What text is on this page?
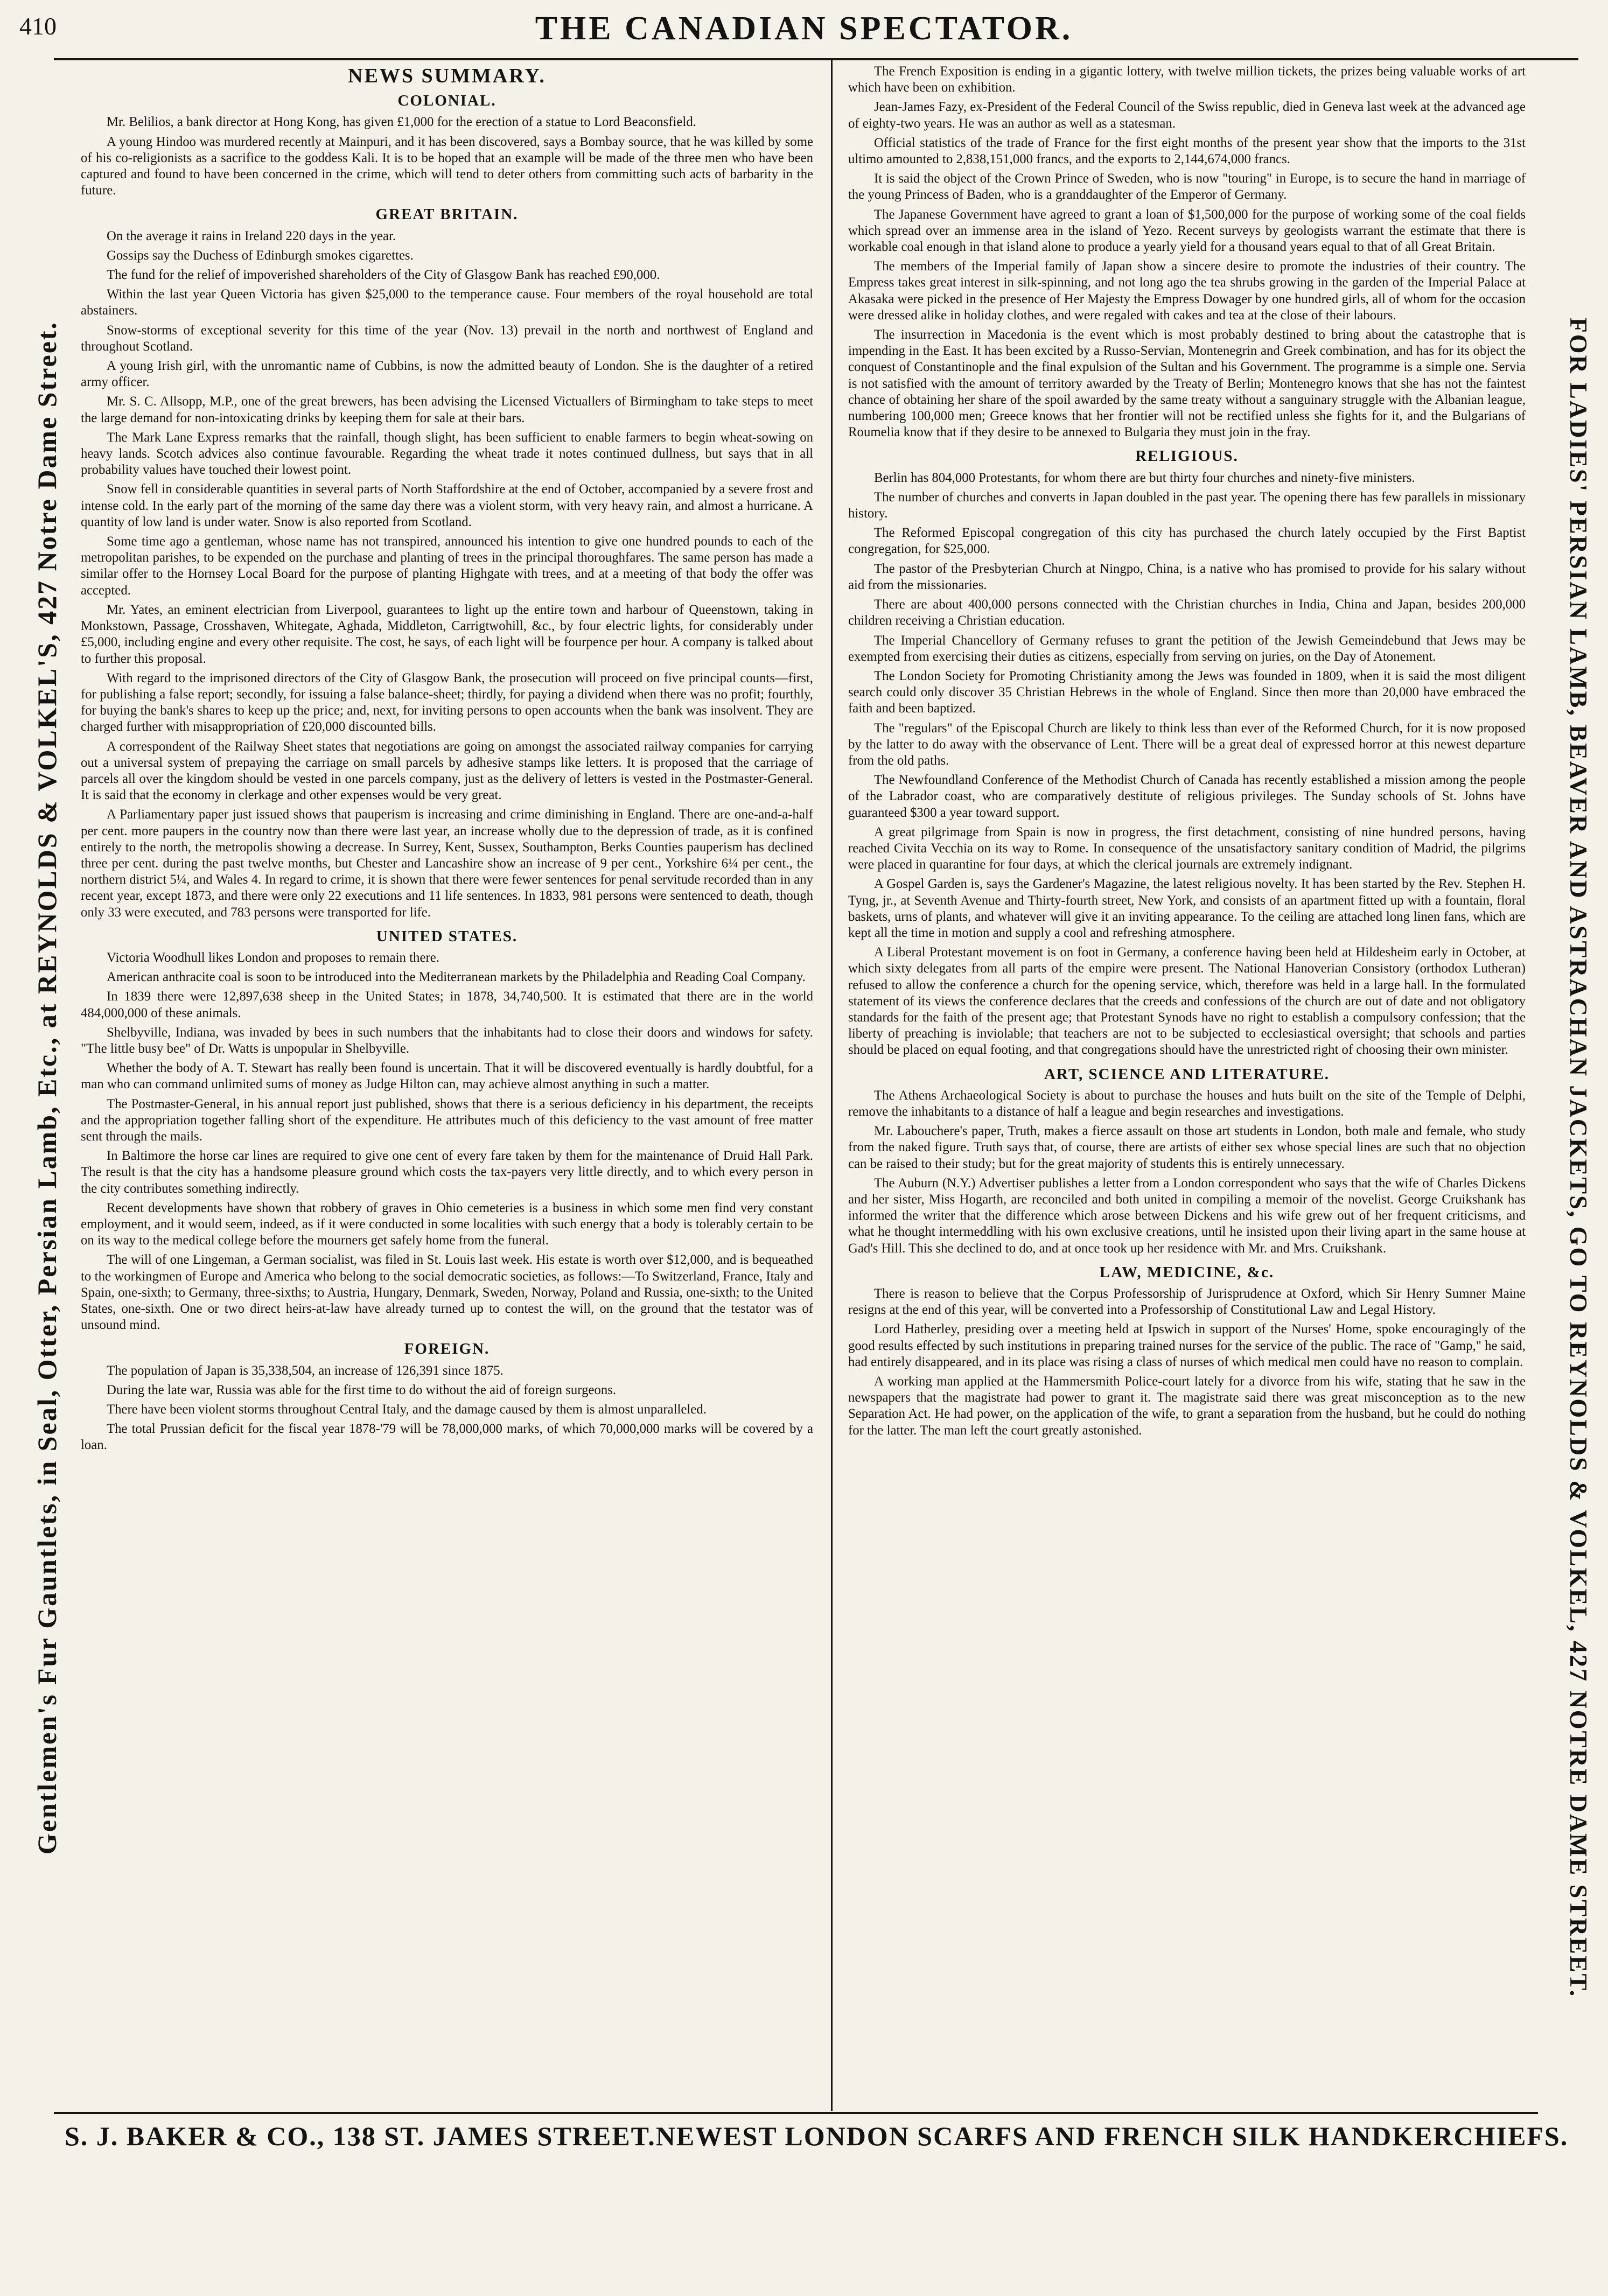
410	THE CANADIAN SPECTATOR.
Gentlemen's Fur Gauntlets, in Seal, Otter, Persian Lamb, Etc., at REYNOLDS & VOLKEL'S, 427 Notre Dame Street.	FOR LADIES' PERSIAN LAMB, BEAVER AND ASTRACHAN JACKETS, GO TO REYNOLDS & VOLKEL, 427 NOTRE DAME STREET.
NEWS SUMMARY.
COLONIAL.

Mr. Belilios, a bank director at Hong Kong, has given £1,000 for the erection of a statue to Lord Beaconsfield.

A young Hindoo was murdered recently at Mainpuri, and it has been discovered, says a Bombay source, that he was killed by some of his co-religionists as a sacrifice to the goddess Kali. It is to be hoped that an example will be made of the three men who have been captured and found to have been concerned in the crime, which will tend to deter others from committing such acts of barbarity in the future.

GREAT BRITAIN.

On the average it rains in Ireland 220 days in the year.

Gossips say the Duchess of Edinburgh smokes cigarettes.

The fund for the relief of impoverished shareholders of the City of Glasgow Bank has reached £90,000.

Within the last year Queen Victoria has given $25,000 to the temperance cause. Four members of the royal household are total abstainers.

Snow-storms of exceptional severity for this time of the year (Nov. 13) prevail in the north and northwest of England and throughout Scotland.

A young Irish girl, with the unromantic name of Cubbins, is now the admitted beauty of London. She is the daughter of a retired army officer.

Mr. S. C. Allsopp, M.P., one of the great brewers, has been advising the Licensed Victuallers of Birmingham to take steps to meet the large demand for non-intoxicating drinks by keeping them for sale at their bars.

The Mark Lane Express remarks that the rainfall, though slight, has been sufficient to enable farmers to begin wheat-sowing on heavy lands. Scotch advices also continue favourable. Regarding the wheat trade it notes continued dullness, but says that in all probability values have touched their lowest point.

Snow fell in considerable quantities in several parts of North Staffordshire at the end of October, accompanied by a severe frost and intense cold. In the early part of the morning of the same day there was a violent storm, with very heavy rain, and almost a hurricane. A quantity of low land is under water. Snow is also reported from Scotland.

Some time ago a gentleman, whose name has not transpired, announced his intention to give one hundred pounds to each of the metropolitan parishes, to be expended on the purchase and planting of trees in the principal thoroughfares. The same person has made a similar offer to the Hornsey Local Board for the purpose of planting Highgate with trees, and at a meeting of that body the offer was accepted.

Mr. Yates, an eminent electrician from Liverpool, guarantees to light up the entire town and harbour of Queenstown, taking in Monkstown, Passage, Crosshaven, Whitegate, Aghada, Middleton, Carrigtwohill, &c., by four electric lights, for considerably under £5,000, including engine and every other requisite. The cost, he says, of each light will be fourpence per hour. A company is talked about to further this proposal.

With regard to the imprisoned directors of the City of Glasgow Bank, the prosecution will proceed on five principal counts—first, for publishing a false report; secondly, for issuing a false balance-sheet; thirdly, for paying a dividend when there was no profit; fourthly, for buying the bank's shares to keep up the price; and, next, for inviting persons to open accounts when the bank was insolvent. They are charged further with misappropriation of £20,000 discounted bills.

A correspondent of the Railway Sheet states that negotiations are going on amongst the associated railway companies for carrying out a universal system of prepaying the carriage on small parcels by adhesive stamps like letters. It is proposed that the carriage of parcels all over the kingdom should be vested in one parcels company, just as the delivery of letters is vested in the Postmaster-General. It is said that the economy in clerkage and other expenses would be very great.

A Parliamentary paper just issued shows that pauperism is increasing and crime diminishing in England. There are one-and-a-half per cent. more paupers in the country now than there were last year, an increase wholly due to the depression of trade, as it is confined entirely to the north, the metropolis showing a decrease. In Surrey, Kent, Sussex, Southampton, Berks Counties pauperism has declined three per cent. during the past twelve months, but Chester and Lancashire show an increase of 9 per cent., Yorkshire 6¼ per cent., the northern district 5¼, and Wales 4. In regard to crime, it is shown that there were fewer sentences for penal servitude recorded than in any recent year, except 1873, and there were only 22 executions and 11 life sentences. In 1833, 981 persons were sentenced to death, though only 33 were executed, and 783 persons were transported for life.

UNITED STATES.

Victoria Woodhull likes London and proposes to remain there.

American anthracite coal is soon to be introduced into the Mediterranean markets by the Philadelphia and Reading Coal Company.

In 1839 there were 12,897,638 sheep in the United States; in 1878, 34,740,500. It is estimated that there are in the world 484,000,000 of these animals.

Shelbyville, Indiana, was invaded by bees in such numbers that the inhabitants had to close their doors and windows for safety. "The little busy bee" of Dr. Watts is unpopular in Shelbyville.

Whether the body of A. T. Stewart has really been found is uncertain. That it will be discovered eventually is hardly doubtful, for a man who can command unlimited sums of money as Judge Hilton can, may achieve almost anything in such a matter.

The Postmaster-General, in his annual report just published, shows that there is a serious deficiency in his department, the receipts and the appropriation together falling short of the expenditure. He attributes much of this deficiency to the vast amount of free matter sent through the mails.

In Baltimore the horse car lines are required to give one cent of every fare taken by them for the maintenance of Druid Hall Park. The result is that the city has a handsome pleasure ground which costs the tax-payers very little directly, and to which every person in the city contributes something indirectly.

Recent developments have shown that robbery of graves in Ohio cemeteries is a business in which some men find very constant employment, and it would seem, indeed, as if it were conducted in some localities with such energy that a body is tolerably certain to be on its way to the medical college before the mourners get safely home from the funeral.

The will of one Lingeman, a German socialist, was filed in St. Louis last week. His estate is worth over $12,000, and is bequeathed to the workingmen of Europe and America who belong to the social democratic societies, as follows:—To Switzerland, France, Italy and Spain, one-sixth; to Germany, three-sixths; to Austria, Hungary, Denmark, Sweden, Norway, Poland and Russia, one-sixth; to the United States, one-sixth. One or two direct heirs-at-law have already turned up to contest the will, on the ground that the testator was of unsound mind.

FOREIGN.

The population of Japan is 35,338,504, an increase of 126,391 since 1875.

During the late war, Russia was able for the first time to do without the aid of foreign surgeons.

There have been violent storms throughout Central Italy, and the damage caused by them is almost unparalleled.

The total Prussian deficit for the fiscal year 1878-'79 will be 78,000,000 marks, of which 70,000,000 marks will be covered by a loan.

The French Exposition is ending in a gigantic lottery, with twelve million tickets, the prizes being valuable works of art which have been on exhibition.

Jean-James Fazy, ex-President of the Federal Council of the Swiss republic, died in Geneva last week at the advanced age of eighty-two years. He was an author as well as a statesman.

Official statistics of the trade of France for the first eight months of the present year show that the imports to the 31st ultimo amounted to 2,838,151,000 francs, and the exports to 2,144,674,000 francs.

It is said the object of the Crown Prince of Sweden, who is now "touring" in Europe, is to secure the hand in marriage of the young Princess of Baden, who is a granddaughter of the Emperor of Germany.

The Japanese Government have agreed to grant a loan of $1,500,000 for the purpose of working some of the coal fields which spread over an immense area in the island of Yezo. Recent surveys by geologists warrant the estimate that there is workable coal enough in that island alone to produce a yearly yield for a thousand years equal to that of all Great Britain.

The members of the Imperial family of Japan show a sincere desire to promote the industries of their country. The Empress takes great interest in silk-spinning, and not long ago the tea shrubs growing in the garden of the Imperial Palace at Akasaka were picked in the presence of Her Majesty the Empress Dowager by one hundred girls, all of whom for the occasion were dressed alike in holiday clothes, and were regaled with cakes and tea at the close of their labours.

The insurrection in Macedonia is the event which is most probably destined to bring about the catastrophe that is impending in the East. It has been excited by a Russo-Servian, Montenegrin and Greek combination, and has for its object the conquest of Constantinople and the final expulsion of the Sultan and his Government. The programme is a simple one. Servia is not satisfied with the amount of territory awarded by the Treaty of Berlin; Montenegro knows that she has not the faintest chance of obtaining her share of the spoil awarded by the same treaty without a sanguinary struggle with the Albanian league, numbering 100,000 men; Greece knows that her frontier will not be rectified unless she fights for it, and the Bulgarians of Roumelia know that if they desire to be annexed to Bulgaria they must join in the fray.

RELIGIOUS.

Berlin has 804,000 Protestants, for whom there are but thirty four churches and ninety-five ministers.

The number of churches and converts in Japan doubled in the past year. The opening there has few parallels in missionary history.

The Reformed Episcopal congregation of this city has purchased the church lately occupied by the First Baptist congregation, for $25,000.

The pastor of the Presbyterian Church at Ningpo, China, is a native who has promised to provide for his salary without aid from the missionaries.

There are about 400,000 persons connected with the Christian churches in India, China and Japan, besides 200,000 children receiving a Christian education.

The Imperial Chancellory of Germany refuses to grant the petition of the Jewish Gemeindebund that Jews may be exempted from exercising their duties as citizens, especially from serving on juries, on the Day of Atonement.

The London Society for Promoting Christianity among the Jews was founded in 1809, when it is said the most diligent search could only discover 35 Christian Hebrews in the whole of England. Since then more than 20,000 have embraced the faith and been baptized.

The "regulars" of the Episcopal Church are likely to think less than ever of the Reformed Church, for it is now proposed by the latter to do away with the observance of Lent. There will be a great deal of expressed horror at this newest departure from the old paths.

The Newfoundland Conference of the Methodist Church of Canada has recently established a mission among the people of the Labrador coast, who are comparatively destitute of religious privileges. The Sunday schools of St. Johns have guaranteed $300 a year toward support.

A great pilgrimage from Spain is now in progress, the first detachment, consisting of nine hundred persons, having reached Civita Vecchia on its way to Rome. In consequence of the unsatisfactory sanitary condition of Madrid, the pilgrims were placed in quarantine for four days, at which the clerical journals are extremely indignant.

A Gospel Garden is, says the Gardener's Magazine, the latest religious novelty. It has been started by the Rev. Stephen H. Tyng, jr., at Seventh Avenue and Thirty-fourth street, New York, and consists of an apartment fitted up with a fountain, floral baskets, urns of plants, and whatever will give it an inviting appearance. To the ceiling are attached long linen fans, which are kept all the time in motion and supply a cool and refreshing atmosphere.

A Liberal Protestant movement is on foot in Germany, a conference having been held at Hildesheim early in October, at which sixty delegates from all parts of the empire were present. The National Hanoverian Consistory (orthodox Lutheran) refused to allow the conference a church for the opening service, which, therefore was held in a large hall. In the formulated statement of its views the conference declares that the creeds and confessions of the church are out of date and not obligatory standards for the faith of the present age; that Protestant Synods have no right to establish a compulsory confession; that the liberty of preaching is inviolable; that teachers are not to be subjected to ecclesiastical oversight; that schools and parties should be placed on equal footing, and that congregations should have the unrestricted right of choosing their own minister.

ART, SCIENCE AND LITERATURE.

The Athens Archaeological Society is about to purchase the houses and huts built on the site of the Temple of Delphi, remove the inhabitants to a distance of half a league and begin researches and investigations.

Mr. Labouchere's paper, Truth, makes a fierce assault on those art students in London, both male and female, who study from the naked figure. Truth says that, of course, there are artists of either sex whose special lines are such that no objection can be raised to their study; but for the great majority of students this is entirely unnecessary.

The Auburn (N.Y.) Advertiser publishes a letter from a London correspondent who says that the wife of Charles Dickens and her sister, Miss Hogarth, are reconciled and both united in compiling a memoir of the novelist. George Cruikshank has informed the writer that the difference which arose between Dickens and his wife grew out of her frequent criticisms, and what he thought intermeddling with his own exclusive creations, until he insisted upon their living apart in the same house at Gad's Hill. This she declined to do, and at once took up her residence with Mr. and Mrs. Cruikshank.

LAW, MEDICINE, &c.

There is reason to believe that the Corpus Professorship of Jurisprudence at Oxford, which Sir Henry Sumner Maine resigns at the end of this year, will be converted into a Professorship of Constitutional Law and Legal History.

Lord Hatherley, presiding over a meeting held at Ipswich in support of the Nurses' Home, spoke encouragingly of the good results effected by such institutions in preparing trained nurses for the service of the public. The race of "Gamp," he said, had entirely disappeared, and in its place was rising a class of nurses of which medical men could have no reason to complain.

A working man applied at the Hammersmith Police-court lately for a divorce from his wife, stating that he saw in the newspapers that the magistrate had power to grant it. The magistrate said there was great misconception as to the new Separation Act. He had power, on the application of the wife, to grant a separation from the husband, but he could do nothing for the latter. The man left the court greatly astonished.

S. J. BAKER & CO., 138 ST. JAMES STREET. NEWEST LONDON SCARFS AND FRENCH SILK HANDKERCHIEFS.
